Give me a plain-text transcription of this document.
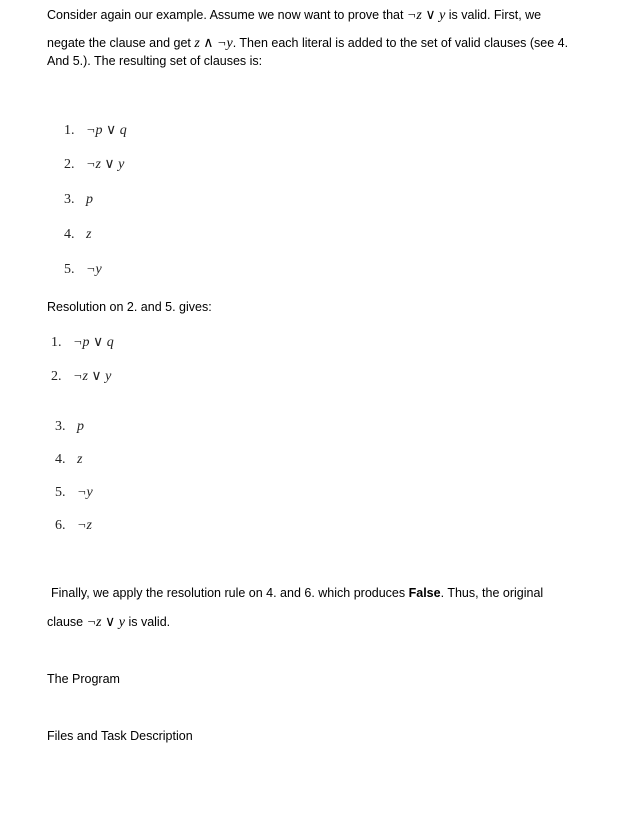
Consider again our example. Assume we now want to prove that ¬z ∨ y is valid. First, we
negate the clause and get z ∧ ¬y. Then each literal is added to the set of valid clauses (see 4.
And 5.). The resulting set of clauses is:
1. ¬p ∨ q
2. ¬z ∨ y
3. p
4. z
5. ¬y
Resolution on 2. and 5. gives:
1. ¬p ∨ q
2. ¬z ∨ y
3. p
4. z
5. ¬y
6. ¬z
Finally, we apply the resolution rule on 4. and 6. which produces False. Thus, the original
clause ¬z ∨ y is valid.
The Program
Files and Task Description
